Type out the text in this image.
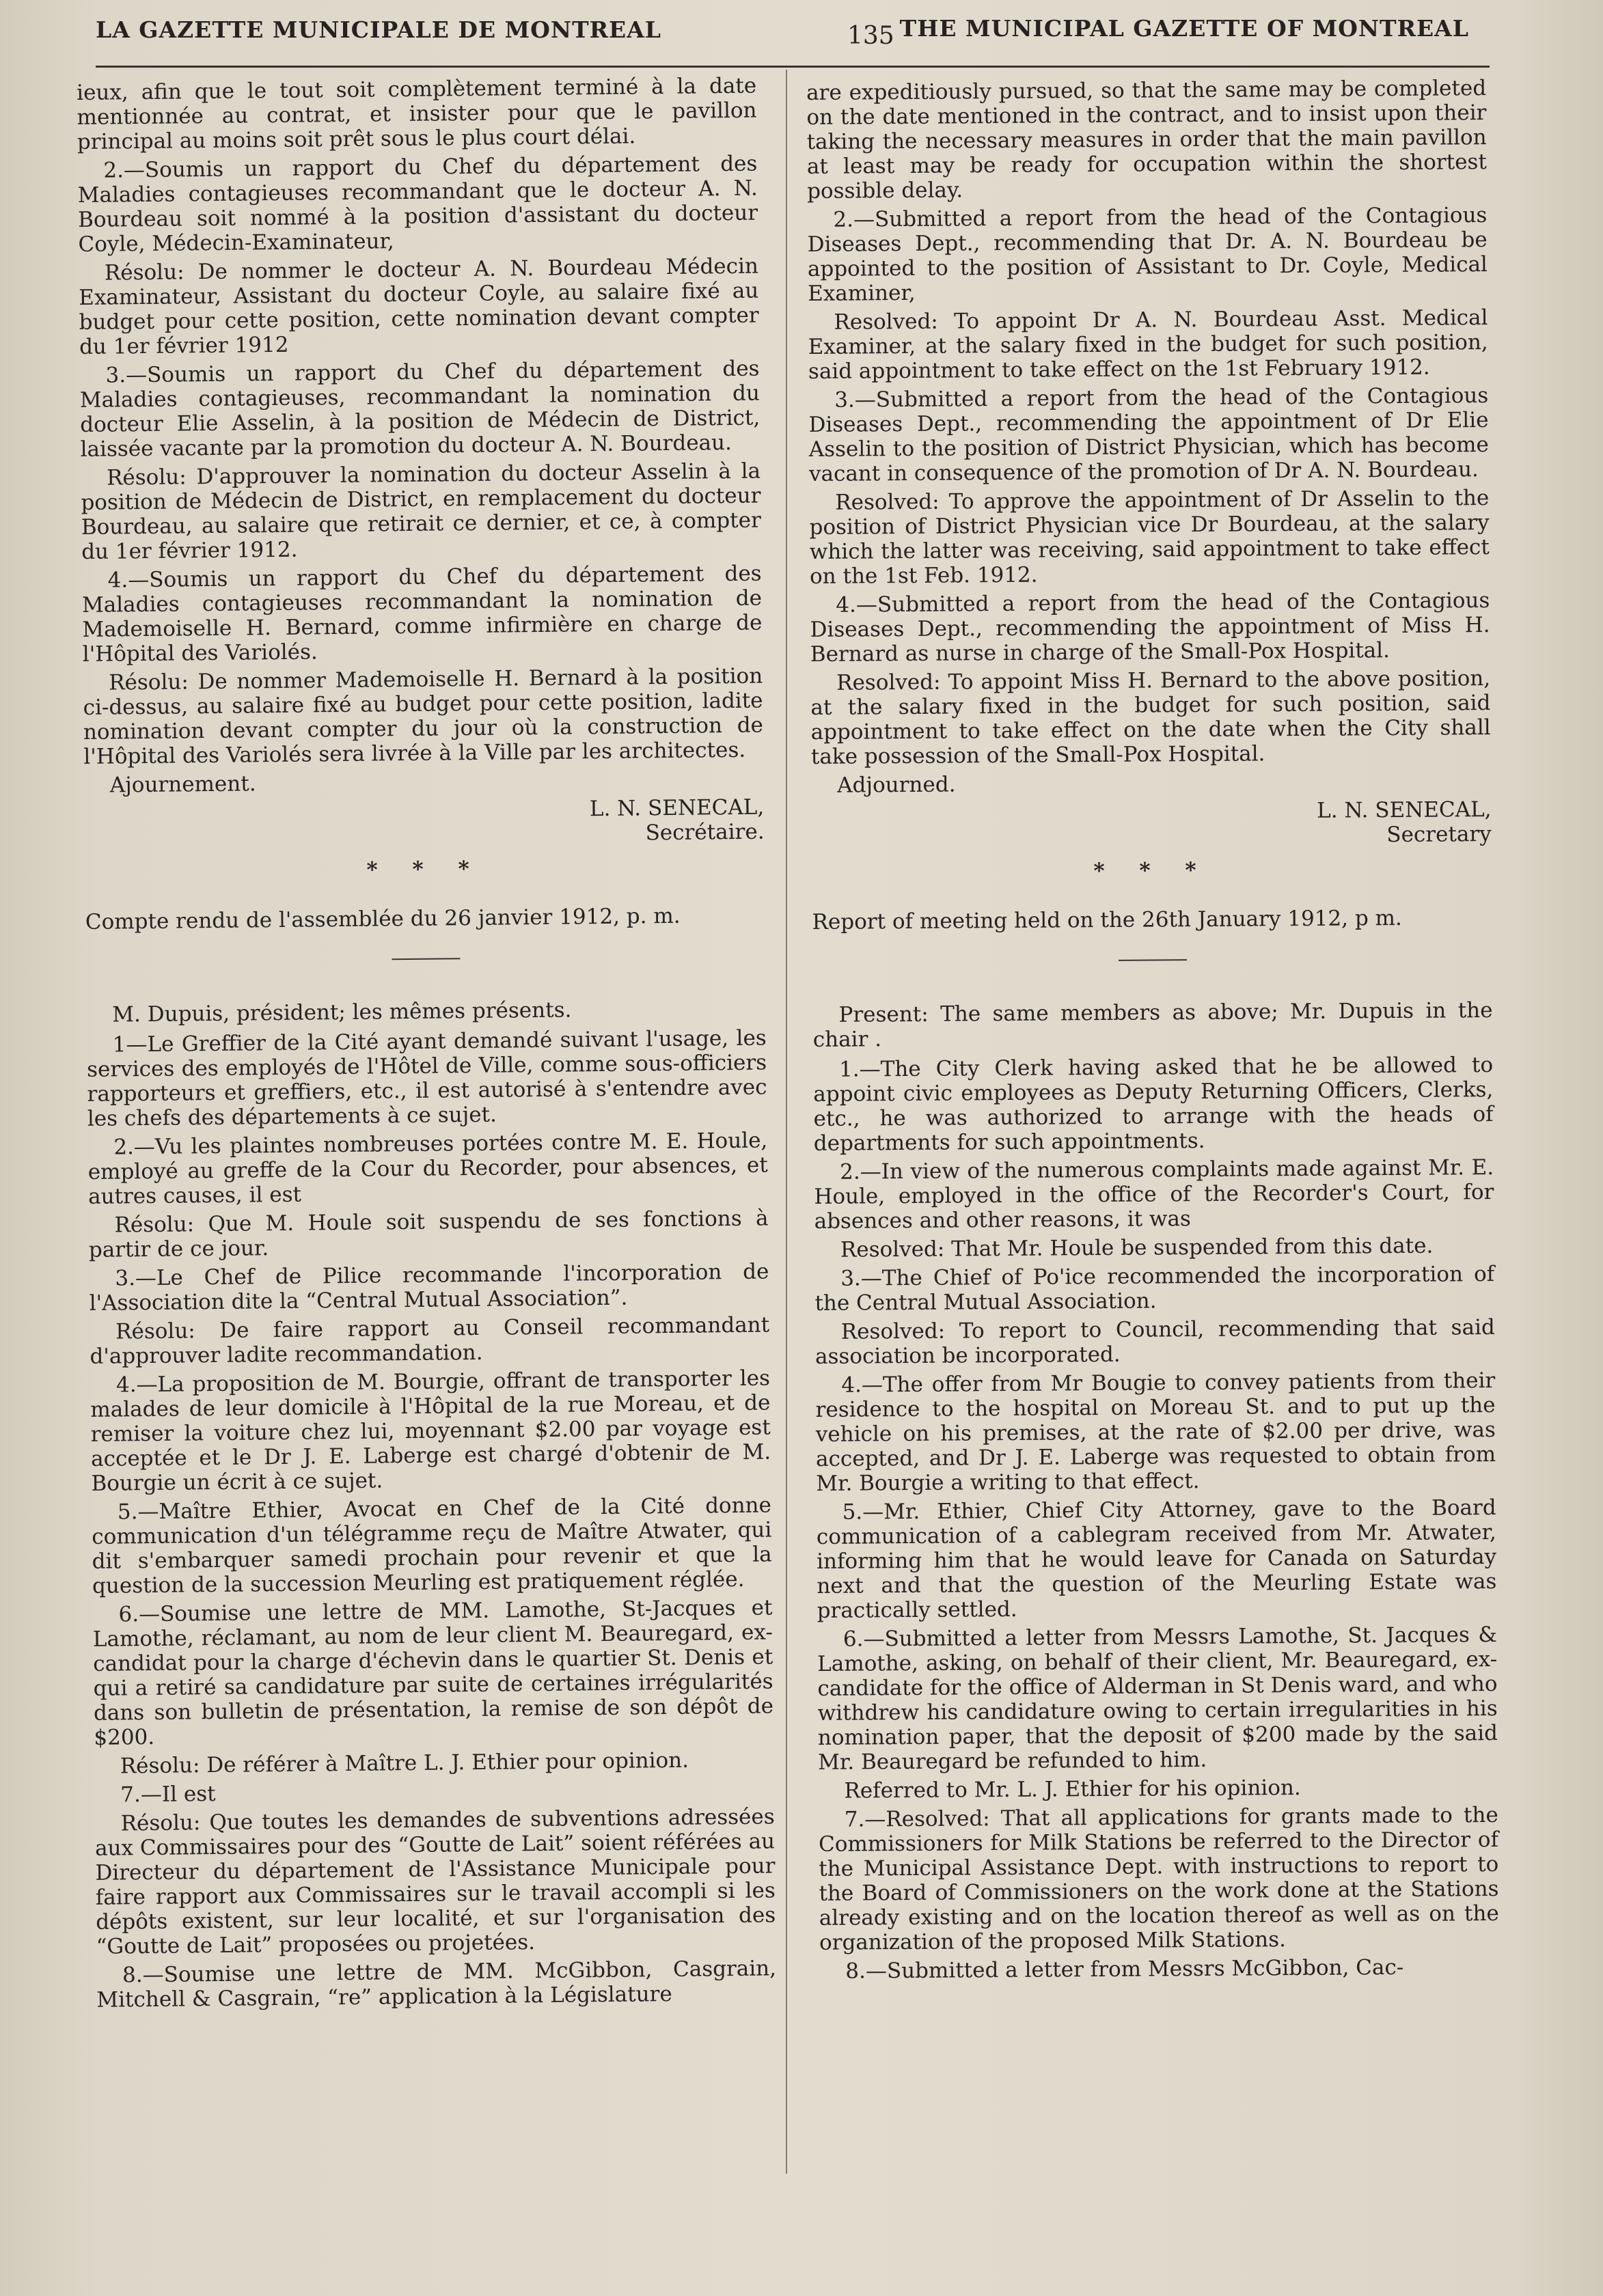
LA GAZETTE MUNICIPALE DE MONTREAL	135 THE MUNICIPAL GAZETTE OF MONTREAL

ieux, afin que le tout soit complètement terminé à la date mentionnée au contrat, et insister pour que le pavillon principal au moins soit prêt sous le plus court délai.

2.—Soumis un rapport du Chef du département des Maladies contagieuses recommandant que le docteur A. N. Bourdeau soit nommé à la position d'assistant du docteur Coyle, Médecin-Examinateur,

Résolu: De nommer le docteur A. N. Bourdeau Médecin Examinateur, Assistant du docteur Coyle, au salaire fixé au budget pour cette position, cette nomination devant compter du 1er février 1912

3.—Soumis un rapport du Chef du département des Maladies contagieuses, recommandant la nomination du docteur Elie Asselin, à la position de Médecin de District, laissée vacante par la promotion du docteur A. N. Bourdeau.

Résolu: D'approuver la nomination du docteur Asselin à la position de Médecin de District, en remplacement du docteur Bourdeau, au salaire que retirait ce dernier, et ce, à compter du 1er février 1912.

4.—Soumis un rapport du Chef du département des Maladies contagieuses recommandant la nomination de Mademoiselle H. Bernard, comme infirmière en charge de l'Hôpital des Variolés.

Résolu: De nommer Mademoiselle H. Bernard à la position ci-dessus, au salaire fixé au budget pour cette position, ladite nomination devant compter du jour où la construction de l'Hôpital des Variolés sera livrée à la Ville par les architectes.

Ajournement.

L. N. SENECAL,

Secrétaire.

* * *

Compte rendu de l'assemblée du 26 janvier 1912, p. m.

M. Dupuis, président; les mêmes présents.

1—Le Greffier de la Cité ayant demandé suivant l'usage, les services des employés de l'Hôtel de Ville, comme sous-officiers rapporteurs et greffiers, etc., il est autorisé à s'entendre avec les chefs des départements à ce sujet.

2.—Vu les plaintes nombreuses portées contre M. E. Houle, employé au greffe de la Cour du Recorder, pour absences, et autres causes, il est

Résolu: Que M. Houle soit suspendu de ses fonctions à partir de ce jour.

3.—Le Chef de Pilice recommande l'incorporation de l'Association dite la “Central Mutual Association”.

Résolu: De faire rapport au Conseil recommandant d'approuver ladite recommandation.

4.—La proposition de M. Bourgie, offrant de transporter les malades de leur domicile à l'Hôpital de la rue Moreau, et de remiser la voiture chez lui, moyennant $2.00 par voyage est acceptée et le Dr J. E. Laberge est chargé d'obtenir de M. Bourgie un écrit à ce sujet.

5.—Maître Ethier, Avocat en Chef de la Cité donne communication d'un télégramme reçu de Maître Atwater, qui dit s'embarquer samedi prochain pour revenir et que la question de la succession Meurling est pratiquement réglée.

6.—Soumise une lettre de MM. Lamothe, St-Jacques et Lamothe, réclamant, au nom de leur client M. Beauregard, ex-candidat pour la charge d'échevin dans le quartier St. Denis et qui a retiré sa candidature par suite de certaines irrégularités dans son bulletin de présentation, la remise de son dépôt de $200.

Résolu: De référer à Maître L. J. Ethier pour opinion.

7.—Il est

Résolu: Que toutes les demandes de subventions adressées aux Commissaires pour des “Goutte de Lait” soient référées au Directeur du département de l'Assistance Municipale pour faire rapport aux Commissaires sur le travail accompli si les dépôts existent, sur leur localité, et sur l'organisation des “Goutte de Lait” proposées ou projetées.

8.—Soumise une lettre de MM. McGibbon, Casgrain, Mitchell & Casgrain, “re” application à la Législature

are expeditiously pursued, so that the same may be completed on the date mentioned in the contract, and to insist upon their taking the necessary measures in order that the main pavillon at least may be ready for occupation within the shortest possible delay.

2.—Submitted a report from the head of the Contagious Diseases Dept., recommending that Dr. A. N. Bourdeau be appointed to the position of Assistant to Dr. Coyle, Medical Examiner,

Resolved: To appoint Dr A. N. Bourdeau Asst. Medical Examiner, at the salary fixed in the budget for such position, said appointment to take effect on the 1st February 1912.

3.—Submitted a report from the head of the Contagious Diseases Dept., recommending the appointment of Dr Elie Asselin to the position of District Physician, which has become vacant in consequence of the promotion of Dr A. N. Bourdeau.

Resolved: To approve the appointment of Dr Asselin to the position of District Physician vice Dr Bourdeau, at the salary which the latter was receiving, said appointment to take effect on the 1st Feb. 1912.

4.—Submitted a report from the head of the Contagious Diseases Dept., recommending the appointment of Miss H. Bernard as nurse in charge of the Small-Pox Hospital.

Resolved: To appoint Miss H. Bernard to the above position, at the salary fixed in the budget for such position, said appointment to take effect on the date when the City shall take possession of the Small-Pox Hospital.

Adjourned.

L. N. SENECAL,

Secretary

* * *

Report of meeting held on the 26th January 1912, p m.

Present: The same members as above; Mr. Dupuis in the chair .

1.—The City Clerk having asked that he be allowed to appoint civic employees as Deputy Returning Officers, Clerks, etc., he was authorized to arrange with the heads of departments for such appointments.

2.—In view of the numerous complaints made against Mr. E. Houle, employed in the office of the Recorder's Court, for absences and other reasons, it was

Resolved: That Mr. Houle be suspended from this date.

3.—The Chief of Po'ice recommended the incorporation of the Central Mutual Association.

Resolved: To report to Council, recommending that said association be incorporated.

4.—The offer from Mr Bougie to convey patients from their residence to the hospital on Moreau St. and to put up the vehicle on his premises, at the rate of $2.00 per drive, was accepted, and Dr J. E. Laberge was requested to obtain from Mr. Bourgie a writing to that effect.

5.—Mr. Ethier, Chief City Attorney, gave to the Board communication of a cablegram received from Mr. Atwater, informing him that he would leave for Canada on Saturday next and that the question of the Meurling Estate was practically settled.

6.—Submitted a letter from Messrs Lamothe, St. Jacques & Lamothe, asking, on behalf of their client, Mr. Beauregard, ex-candidate for the office of Alderman in St Denis ward, and who withdrew his candidature owing to certain irregularities in his nomination paper, that the deposit of $200 made by the said Mr. Beauregard be refunded to him.

Referred to Mr. L. J. Ethier for his opinion.

7.—Resolved: That all applications for grants made to the Commissioners for Milk Stations be referred to the Director of the Municipal Assistance Dept. with instructions to report to the Board of Commissioners on the work done at the Stations already existing and on the location thereof as well as on the organization of the proposed Milk Stations.

8.—Submitted a letter from Messrs McGibbon, Cac-
